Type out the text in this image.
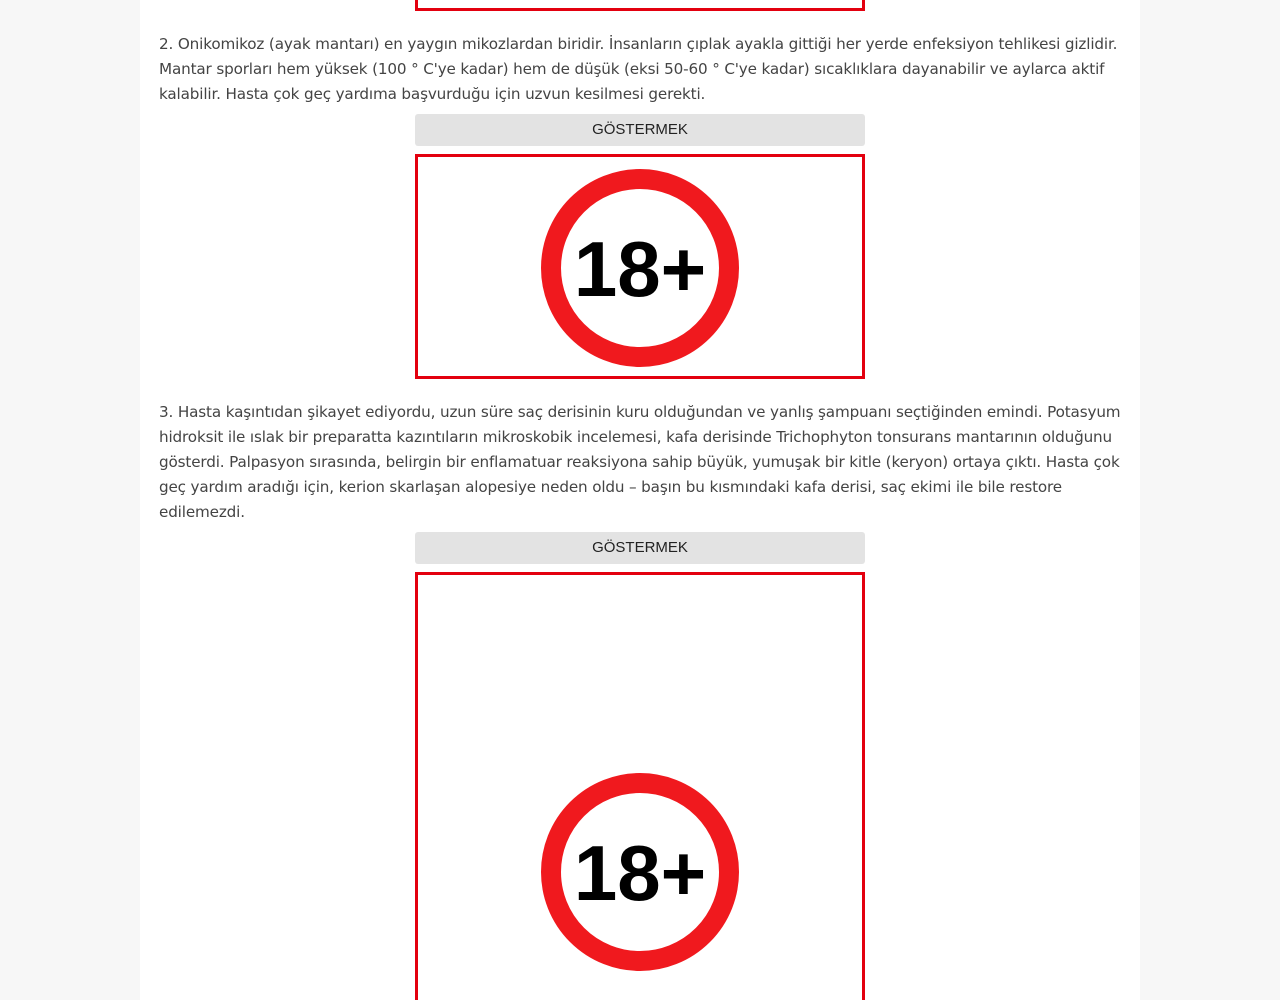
2. Onikomikoz (ayak mantarı) en yaygın mikozlardan biridir. İnsanların çıplak ayakla gittiği her yerde enfeksiyon tehlikesi gizlidir. Mantar sporları hem yüksek (100 ° C'ye kadar) hem de düşük (eksi 50-60 ° C'ye kadar) sıcaklıklara dayanabilir ve aylarca aktif kalabilir. Hasta çok geç yardıma başvurduğu için uzvun kesilmesi gerekti.

GÖSTERMEK
18+

3. Hasta kaşıntıdan şikayet ediyordu, uzun süre saç derisinin kuru olduğundan ve yanlış şampuanı seçtiğinden emindi. Potasyum hidroksit ile ıslak bir preparatta kazıntıların mikroskobik incelemesi, kafa derisinde Trichophyton tonsurans mantarının olduğunu gösterdi. Palpasyon sırasında, belirgin bir enflamatuar reaksiyona sahip büyük, yumuşak bir kitle (keryon) ortaya çıktı. Hasta çok geç yardım aradığı için, kerion skarlaşan alopesiye neden oldu – başın bu kısmındaki kafa derisi, saç ekimi ile bile restore edilemezdi.

GÖSTERMEK
18+
